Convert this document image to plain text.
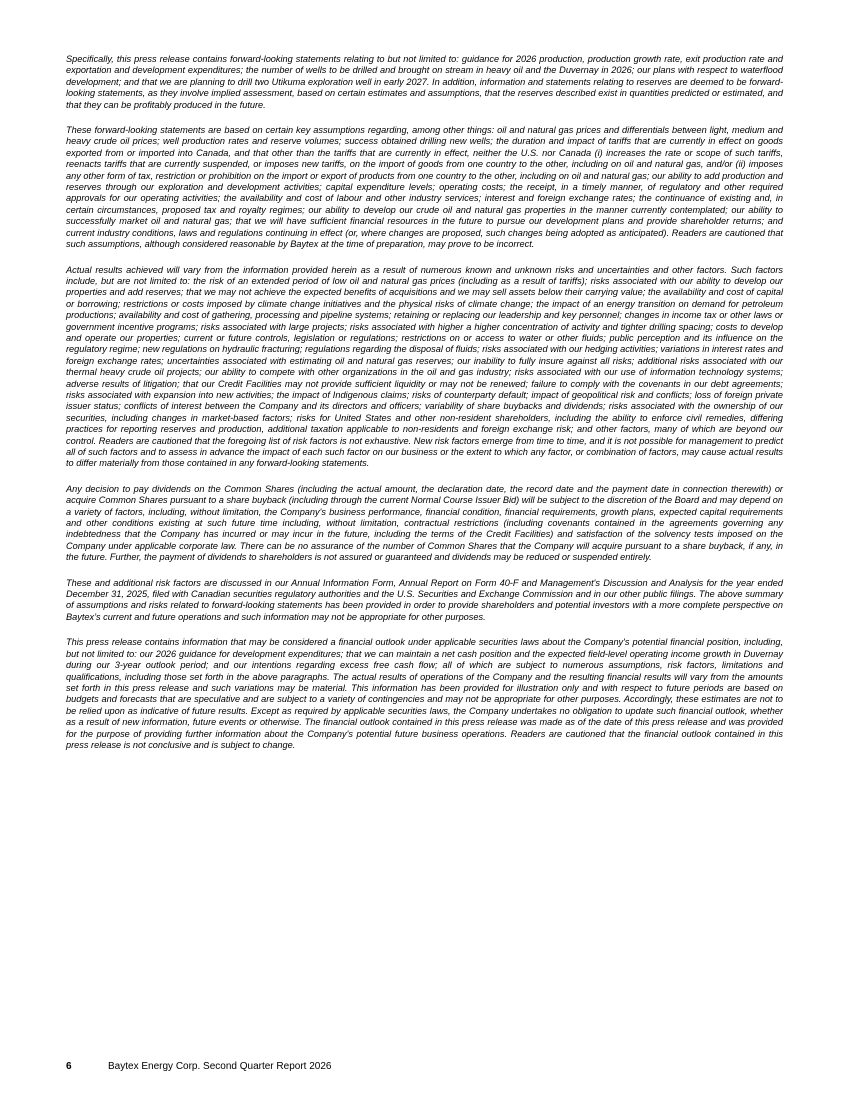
Specifically, this press release contains forward-looking statements relating to but not limited to: guidance for 2026 production, production growth rate, exit production rate and exportation and development expenditures; the number of wells to be drilled and brought on stream in heavy oil and the Duvernay in 2026; our plans with respect to waterflood development; and that we are planning to drill two Utikuma exploration well in early 2027. In addition, information and statements relating to reserves are deemed to be forward-looking statements, as they involve implied assessment, based on certain estimates and assumptions, that the reserves described exist in quantities predicted or estimated, and that they can be profitably produced in the future.

These forward-looking statements are based on certain key assumptions regarding, among other things: oil and natural gas prices and differentials between light, medium and heavy crude oil prices; well production rates and reserve volumes; success obtained drilling new wells; the duration and impact of tariffs that are currently in effect on goods exported from or imported into Canada, and that other than the tariffs that are currently in effect, neither the U.S. nor Canada (i) increases the rate or scope of such tariffs, reenacts tariffs that are currently suspended, or imposes new tariffs, on the import of goods from one country to the other, including on oil and natural gas, and/or (ii) imposes any other form of tax, restriction or prohibition on the import or export of products from one country to the other, including on oil and natural gas; our ability to add production and reserves through our exploration and development activities; capital expenditure levels; operating costs; the receipt, in a timely manner, of regulatory and other required approvals for our operating activities; the availability and cost of labour and other industry services; interest and foreign exchange rates; the continuance of existing and, in certain circumstances, proposed tax and royalty regimes; our ability to develop our crude oil and natural gas properties in the manner currently contemplated; our ability to successfully market oil and natural gas; that we will have sufficient financial resources in the future to pursue our development plans and provide shareholder returns; and current industry conditions, laws and regulations continuing in effect (or, where changes are proposed, such changes being adopted as anticipated). Readers are cautioned that such assumptions, although considered reasonable by Baytex at the time of preparation, may prove to be incorrect.

Actual results achieved will vary from the information provided herein as a result of numerous known and unknown risks and uncertainties and other factors. Such factors include, but are not limited to: the risk of an extended period of low oil and natural gas prices (including as a result of tariffs); risks associated with our ability to develop our properties and add reserves; that we may not achieve the expected benefits of acquisitions and we may sell assets below their carrying value; the availability and cost of capital or borrowing; restrictions or costs imposed by climate change initiatives and the physical risks of climate change; the impact of an energy transition on demand for petroleum productions; availability and cost of gathering, processing and pipeline systems; retaining or replacing our leadership and key personnel; changes in income tax or other laws or government incentive programs; risks associated with large projects; risks associated with higher a higher concentration of activity and tighter drilling spacing; costs to develop and operate our properties; current or future controls, legislation or regulations; restrictions on or access to water or other fluids; public perception and its influence on the regulatory regime; new regulations on hydraulic fracturing; regulations regarding the disposal of fluids; risks associated with our hedging activities; variations in interest rates and foreign exchange rates; uncertainties associated with estimating oil and natural gas reserves; our inability to fully insure against all risks; additional risks associated with our thermal heavy crude oil projects; our ability to compete with other organizations in the oil and gas industry; risks associated with our use of information technology systems; adverse results of litigation; that our Credit Facilities may not provide sufficient liquidity or may not be renewed; failure to comply with the covenants in our debt agreements; risks associated with expansion into new activities; the impact of Indigenous claims; risks of counterparty default; impact of geopolitical risk and conflicts; loss of foreign private issuer status; conflicts of interest between the Company and its directors and officers; variability of share buybacks and dividends; risks associated with the ownership of our securities, including changes in market-based factors; risks for United States and other non-resident shareholders, including the ability to enforce civil remedies, differing practices for reporting reserves and production, additional taxation applicable to non-residents and foreign exchange risk; and other factors, many of which are beyond our control. Readers are cautioned that the foregoing list of risk factors is not exhaustive. New risk factors emerge from time to time, and it is not possible for management to predict all of such factors and to assess in advance the impact of each such factor on our business or the extent to which any factor, or combination of factors, may cause actual results to differ materially from those contained in any forward-looking statements.

Any decision to pay dividends on the Common Shares (including the actual amount, the declaration date, the record date and the payment date in connection therewith) or acquire Common Shares pursuant to a share buyback (including through the current Normal Course Issuer Bid) will be subject to the discretion of the Board and may depend on a variety of factors, including, without limitation, the Company's business performance, financial condition, financial requirements, growth plans, expected capital requirements and other conditions existing at such future time including, without limitation, contractual restrictions (including covenants contained in the agreements governing any indebtedness that the Company has incurred or may incur in the future, including the terms of the Credit Facilities) and satisfaction of the solvency tests imposed on the Company under applicable corporate law. There can be no assurance of the number of Common Shares that the Company will acquire pursuant to a share buyback, if any, in the future. Further, the payment of dividends to shareholders is not assured or guaranteed and dividends may be reduced or suspended entirely.

These and additional risk factors are discussed in our Annual Information Form, Annual Report on Form 40-F and Management's Discussion and Analysis for the year ended December 31, 2025, filed with Canadian securities regulatory authorities and the U.S. Securities and Exchange Commission and in our other public filings. The above summary of assumptions and risks related to forward-looking statements has been provided in order to provide shareholders and potential investors with a more complete perspective on Baytex’s current and future operations and such information may not be appropriate for other purposes.

This press release contains information that may be considered a financial outlook under applicable securities laws about the Company's potential financial position, including, but not limited to: our 2026 guidance for development expenditures; that we can maintain a net cash position and the expected field-level operating income growth in Duvernay during our 3-year outlook period; and our intentions regarding excess free cash flow; all of which are subject to numerous assumptions, risk factors, limitations and qualifications, including those set forth in the above paragraphs. The actual results of operations of the Company and the resulting financial results will vary from the amounts set forth in this press release and such variations may be material. This information has been provided for illustration only and with respect to future periods are based on budgets and forecasts that are speculative and are subject to a variety of contingencies and may not be appropriate for other purposes. Accordingly, these estimates are not to be relied upon as indicative of future results. Except as required by applicable securities laws, the Company undertakes no obligation to update such financial outlook, whether as a result of new information, future events or otherwise. The financial outlook contained in this press release was made as of the date of this press release and was provided for the purpose of providing further information about the Company's potential future business operations. Readers are cautioned that the financial outlook contained in this press release is not conclusive and is subject to change.

6	Baytex Energy Corp. Second Quarter Report 2026
